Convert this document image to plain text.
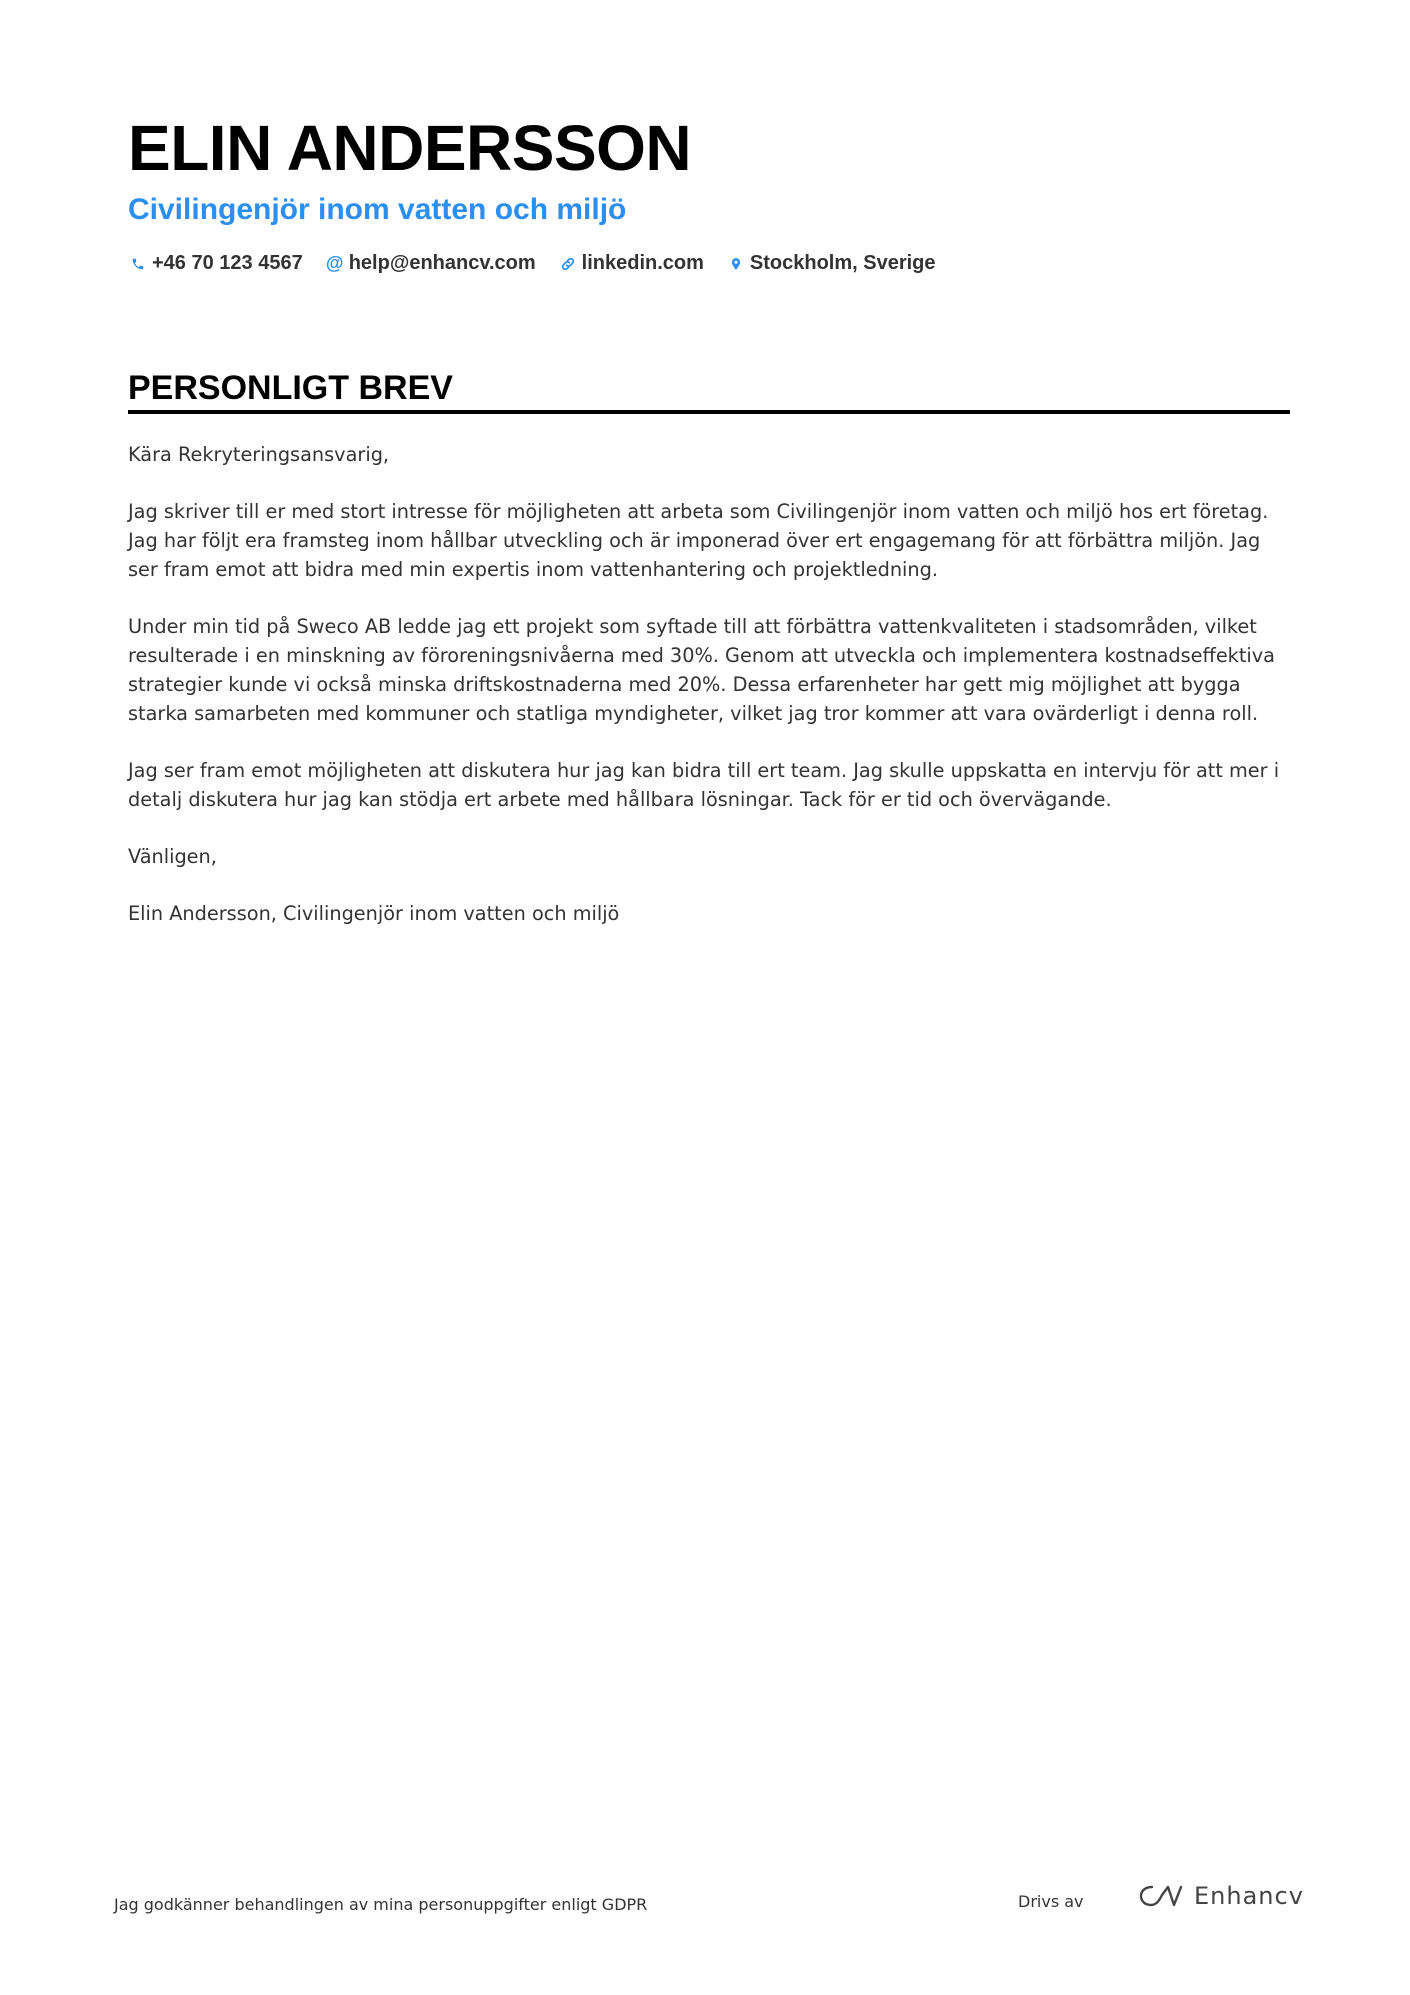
ELIN ANDERSSON
Civilingenjör inom vatten och miljö
+46 70 123 4567 @ help@enhancv.com linkedin.com Stockholm, Sverige
PERSONLIGT BREV

Kära Rekryteringsansvarig,

Jag skriver till er med stort intresse för möjligheten att arbeta som Civilingenjör inom vatten och miljö hos ert företag. Jag har följt era framsteg inom hållbar utveckling och är imponerad över ert engagemang för att förbättra miljön. Jag ser fram emot att bidra med min expertis inom vattenhantering och projektledning.

Under min tid på Sweco AB ledde jag ett projekt som syftade till att förbättra vattenkvaliteten i stadsområden, vilket resulterade i en minskning av föroreningsnivåerna med 30%. Genom att utveckla och implementera kostnadseffektiva strategier kunde vi också minska driftskostnaderna med 20%. Dessa erfarenheter har gett mig möjlighet att bygga starka samarbeten med kommuner och statliga myndigheter, vilket jag tror kommer att vara ovärderligt i denna roll.

Jag ser fram emot möjligheten att diskutera hur jag kan bidra till ert team. Jag skulle uppskatta en intervju för att mer i detalj diskutera hur jag kan stödja ert arbete med hållbara lösningar. Tack för er tid och övervägande.

Vänligen,

Elin Andersson, Civilingenjör inom vatten och miljö

Jag godkänner behandlingen av mina personuppgifter enligt GDPR	Drivs av	Enhancv
